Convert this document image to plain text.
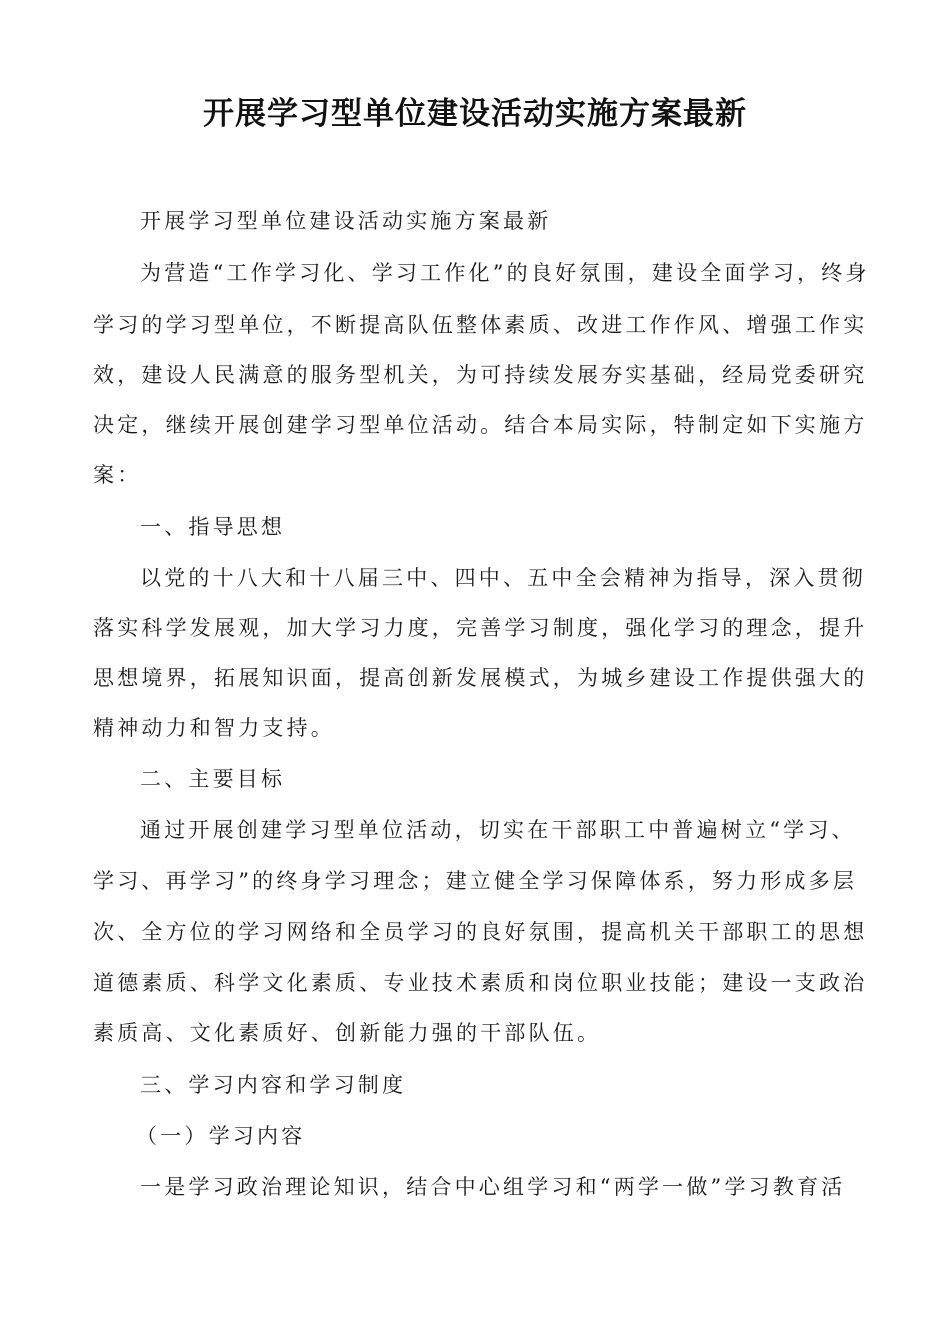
开展学习型单位建设活动实施方案最新
开展学习型单位建设活动实施方案最新
为营造“工作学习化、学习工作化”的良好氛围，建设全面学习，终身
学习的学习型单位，不断提高队伍整体素质、改进工作作风、增强工作实
效，建设人民满意的服务型机关，为可持续发展夯实基础，经局党委研究
决定，继续开展创建学习型单位活动。结合本局实际，特制定如下实施方
案：
一、指导思想
以党的十八大和十八届三中、四中、五中全会精神为指导，深入贯彻
落实科学发展观，加大学习力度，完善学习制度，强化学习的理念，提升
思想境界，拓展知识面，提高创新发展模式，为城乡建设工作提供强大的
精神动力和智力支持。
二、主要目标
通过开展创建学习型单位活动，切实在干部职工中普遍树立“学习、
学习、再学习”的终身学习理念；建立健全学习保障体系，努力形成多层
次、全方位的学习网络和全员学习的良好氛围，提高机关干部职工的思想
道德素质、科学文化素质、专业技术素质和岗位职业技能；建设一支政治
素质高、文化素质好、创新能力强的干部队伍。
三、学习内容和学习制度
（一）学习内容
一是学习政治理论知识，结合中心组学习和“两学一做”学习教育活
